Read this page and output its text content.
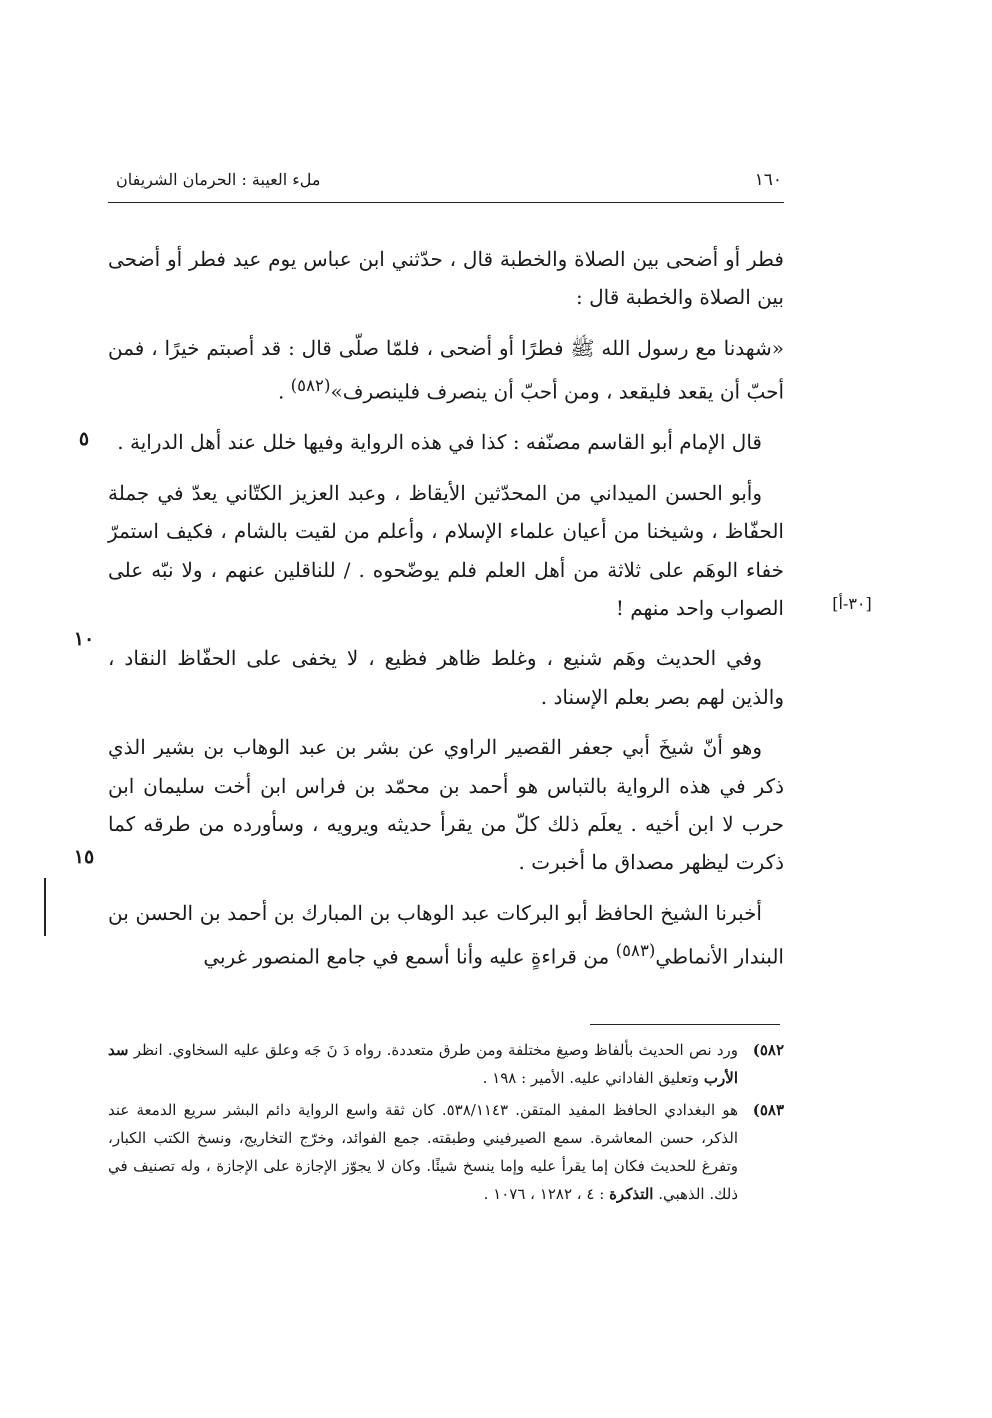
١٦٠
ملء العيبة : الحرمان الشريفان

فطر أو أضحى بين الصلاة والخطبة قال ، حدّثني ابن عباس يوم عيد فطر أو أضحى بين الصلاة والخطبة قال :

«شهدنا مع رسول الله ﷺ فطرًا أو أضحى ، فلمّا صلّى قال : قد أصبتم خيرًا ، فمن أحبّ أن يقعد فليقعد ، ومن أحبّ أن ينصرف فلينصرف»$^{(٥٨٢)}$ .

قال الإمام أبو القاسم مصنّفه : كذا في هذه الرواية وفيها خلل عند أهل الدراية .

وأبو الحسن الميداني من المحدّثين الأيقاظ ، وعبد العزيز الكتّاني يعدّ في جملة الحفّاظ ، وشيخنا من أعيان علماء الإسلام ، وأعلم من لقيت بالشام ، فكيف استمرّ خفاء الوهَم على ثلاثة من أهل العلم فلم يوضّحوه . / للناقلين عنهم ، ولا نبّه على الصواب واحد منهم !

وفي الحديث وهَم شنيع ، وغلط ظاهر فظيع ، لا يخفى على الحفّاظ النقاد ، والذين لهم بصر بعلم الإسناد .

وهو أنّ شيخَ أبي جعفر القصير الراوي عن بشر بن عبد الوهاب بن بشير الذي ذكر في هذه الرواية بالتباس هو أحمد بن محمّد بن فراس ابن أخت سليمان ابن حرب لا ابن أخيه . يعلَم ذلك كلّ من يقرأ حديثه ويرويه ، وسأورده من طرقه كما ذكرت ليظهر مصداق ما أخبرت .

أخبرنا الشيخ الحافظ أبو البركات عبد الوهاب بن المبارك بن أحمد بن الحسن بن البندار الأنماطي$^{(٥٨٣)}$ من قراءةٍ عليه وأنا أسمع في جامع المنصور غربي

٥
١٠
١٥
[٣٠-أ]
٥٨٢)
ورد نص الحديث بألفاظ وصيغ مختلفة ومن طرق متعددة. رواه دَ نَ جَه وعلق عليه السخاوي. انظر سد الأرب وتعليق الفاداني عليه. الأمير : ١٩٨ .
٥٨٣)
هو البغدادي الحافظ المفيد المتقن. ٥٣٨/١١٤٣. كان ثقة واسع الرواية دائم البشر سريع الدمعة عند الذكر، حسن المعاشرة. سمع الصيرفيني وطبقته. جمع الفوائد، وخرّج التخاريج، ونسخ الكتب الكبار، وتفرغ للحديث فكان إما يقرأ عليه وإما ينسخ شيئًا. وكان لا يجوّز الإجازة على الإجازة ، وله تصنيف في ذلك. الذهبي. التذكرة : ٤ ، ١٢٨٢ ، ١٠٧٦ .
